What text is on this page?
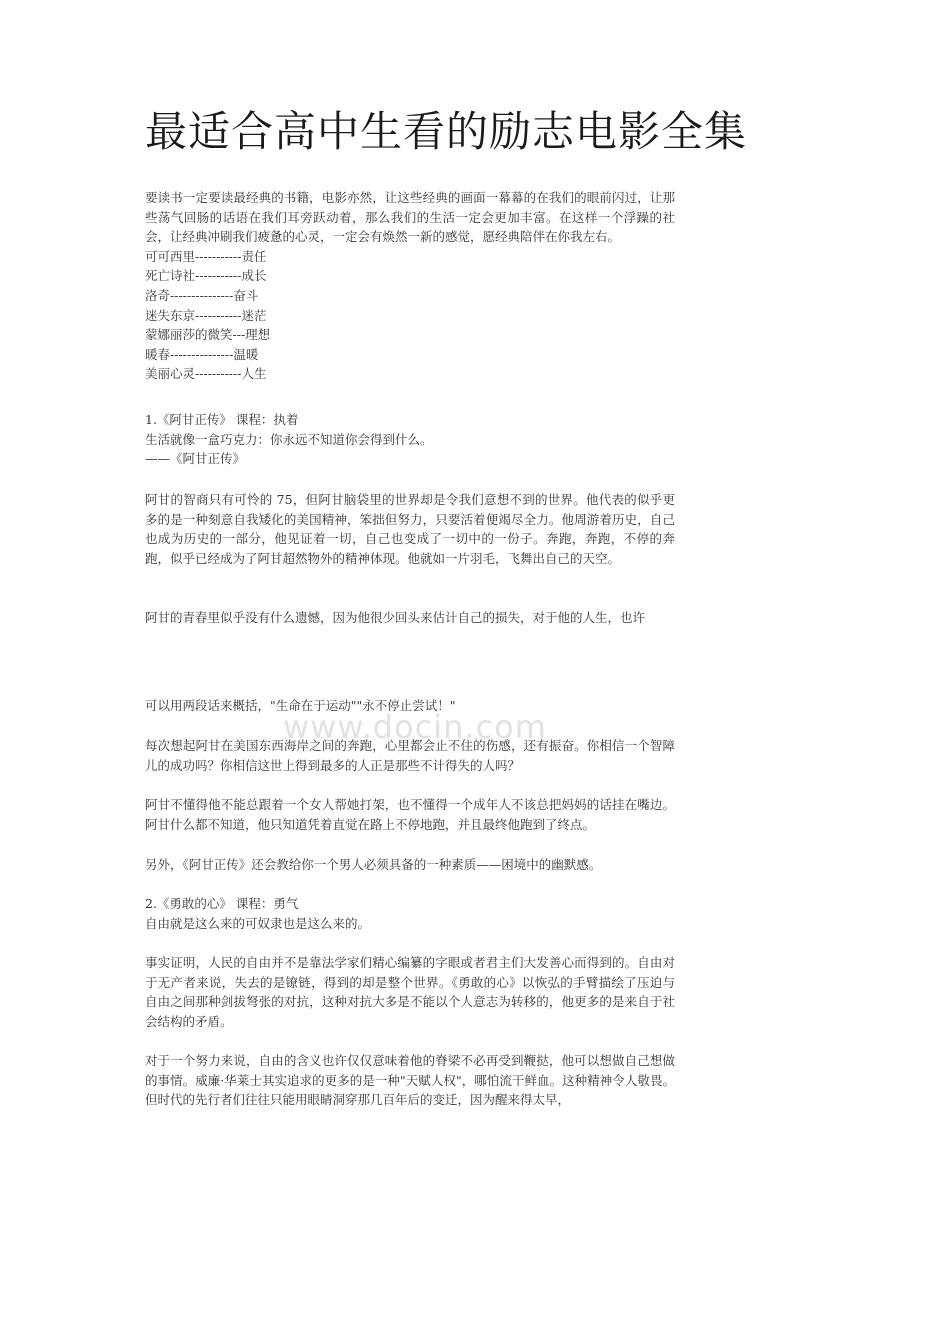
最适合高中生看的励志电影全集

要读书一定要读最经典的书籍，电影亦然，让这些经典的画面一幕幕的在我们的眼前闪过，让那些荡气回肠的话语在我们耳旁跃动着，那么我们的生活一定会更加丰富。在这样一个浮躁的社会，让经典冲刷我们疲惫的心灵，一定会有焕然一新的感觉，愿经典陪伴在你我左右。

可可西里-----------责任

死亡诗社-----------成长

洛奇---------------奋斗

迷失东京-----------迷茫

蒙娜丽莎的微笑---理想

暖春---------------温暖

美丽心灵-----------人生

1.《阿甘正传》 课程：执着

生活就像一盒巧克力：你永远不知道你会得到什么。

——《阿甘正传》

阿甘的智商只有可怜的 75，但阿甘脑袋里的世界却是令我们意想不到的世界。他代表的似乎更多的是一种刻意自我矮化的美国精神，笨拙但努力，只要活着便竭尽全力。他周游着历史，自己也成为历史的一部分，他见证着一切，自己也变成了一切中的一份子。奔跑，奔跑，不停的奔跑，似乎已经成为了阿甘超然物外的精神体现。他就如一片羽毛，飞舞出自己的天空。

阿甘的青春里似乎没有什么遗憾，因为他很少回头来估计自己的损失，对于他的人生，也许

可以用两段话来概括，"生命在于运动""永不停止尝试！"

www.docin.com

每次想起阿甘在美国东西海岸之间的奔跑，心里都会止不住的伤感，还有振奋。你相信一个智障儿的成功吗？你相信这世上得到最多的人正是那些不计得失的人吗？

阿甘不懂得他不能总跟着一个女人帮她打架，也不懂得一个成年人不该总把妈妈的话挂在嘴边。阿甘什么都不知道，他只知道凭着直觉在路上不停地跑，并且最终他跑到了终点。

另外，《阿甘正传》还会教给你一个男人必须具备的一种素质——困境中的幽默感。

2.《勇敢的心》 课程：勇气

自由就是这么来的可奴隶也是这么来的。

事实证明，人民的自由并不是靠法学家们精心编纂的字眼或者君主们大发善心而得到的。自由对于无产者来说，失去的是镣链，得到的却是整个世界。《勇敢的心》以恢弘的手臂描绘了压迫与自由之间那种剑拔弩张的对抗，这种对抗大多是不能以个人意志为转移的，他更多的是来自于社会结构的矛盾。

对于一个努力来说，自由的含义也许仅仅意味着他的脊梁不必再受到鞭挞，他可以想做自己想做的事情。威廉·华莱士其实追求的更多的是一种"天赋人权"，哪怕流干鲜血。这种精神令人敬畏。但时代的先行者们往往只能用眼睛洞穿那几百年后的变迁，因为醒来得太早，
